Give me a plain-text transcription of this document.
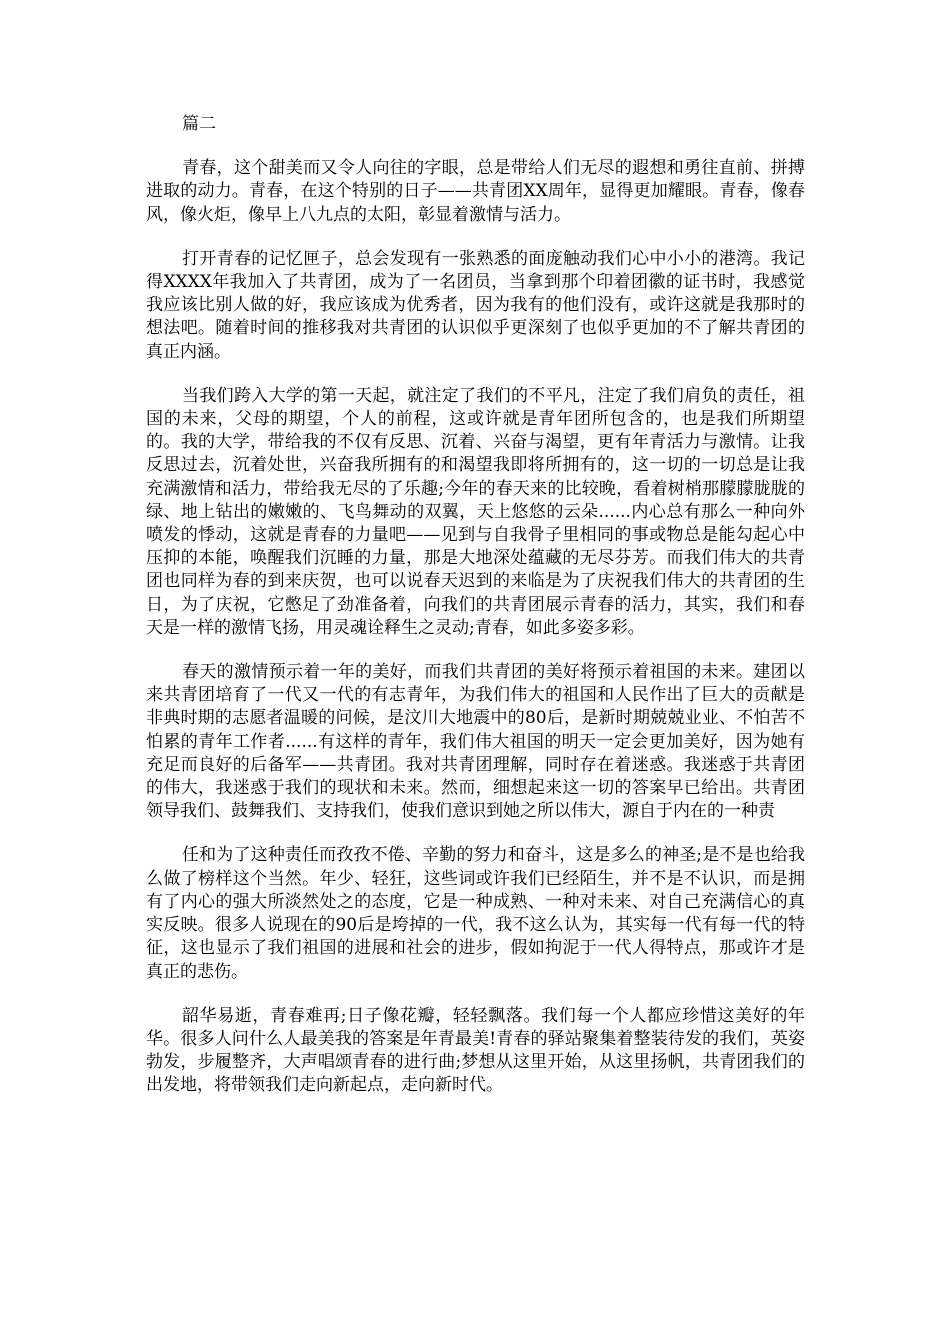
篇二

青春，这个甜美而又令人向往的字眼，总是带给人们无尽的遐想和勇往直前、拼搏进取的动力。青春，在这个特别的日子——共青团XX周年，显得更加耀眼。青春，像春风，像火炬，像早上八九点的太阳，彰显着激情与活力。

打开青春的记忆匣子，总会发现有一张熟悉的面庞触动我们心中小小的港湾。我记得XXXX年我加入了共青团，成为了一名团员，当拿到那个印着团徽的证书时，我感觉我应该比别人做的好，我应该成为优秀者，因为我有的他们没有，或许这就是我那时的想法吧。随着时间的推移我对共青团的认识似乎更深刻了也似乎更加的不了解共青团的真正内涵。

当我们跨入大学的第一天起，就注定了我们的不平凡，注定了我们肩负的责任，祖国的未来，父母的期望，个人的前程，这或许就是青年团所包含的，也是我们所期望的。我的大学，带给我的不仅有反思、沉着、兴奋与渴望，更有年青活力与激情。让我反思过去，沉着处世，兴奋我所拥有的和渴望我即将所拥有的，这一切的一切总是让我充满激情和活力，带给我无尽的了乐趣;今年的春天来的比较晚，看着树梢那朦朦胧胧的绿、地上钻出的嫩嫩的、飞鸟舞动的双翼，天上悠悠的云朵......内心总有那么一种向外喷发的悸动，这就是青春的力量吧——见到与自我骨子里相同的事或物总是能勾起心中压抑的本能，唤醒我们沉睡的力量，那是大地深处蕴藏的无尽芬芳。而我们伟大的共青团也同样为春的到来庆贺，也可以说春天迟到的来临是为了庆祝我们伟大的共青团的生日，为了庆祝，它憋足了劲准备着，向我们的共青团展示青春的活力，其实，我们和春天是一样的激情飞扬，用灵魂诠释生之灵动;青春，如此多姿多彩。

春天的激情预示着一年的美好，而我们共青团的美好将预示着祖国的未来。建团以来共青团培育了一代又一代的有志青年，为我们伟大的祖国和人民作出了巨大的贡献是非典时期的志愿者温暖的问候，是汶川大地震中的80后，是新时期兢兢业业、不怕苦不怕累的青年工作者......有这样的青年，我们伟大祖国的明天一定会更加美好，因为她有充足而良好的后备军——共青团。我对共青团理解，同时存在着迷惑。我迷惑于共青团的伟大，我迷惑于我们的现状和未来。然而，细想起来这一切的答案早已给出。共青团领导我们、鼓舞我们、支持我们，使我们意识到她之所以伟大，源自于内在的一种责

任和为了这种责任而孜孜不倦、辛勤的努力和奋斗，这是多么的神圣;是不是也给我么做了榜样这个当然。年少、轻狂，这些词或许我们已经陌生，并不是不认识，而是拥有了内心的强大所淡然处之的态度，它是一种成熟、一种对未来、对自己充满信心的真实反映。很多人说现在的90后是垮掉的一代，我不这么认为，其实每一代有每一代的特征，这也显示了我们祖国的进展和社会的进步，假如拘泥于一代人得特点，那或许才是真正的悲伤。

韶华易逝，青春难再;日子像花瓣，轻轻飘落。我们每一个人都应珍惜这美好的年华。很多人问什么人最美我的答案是年青最美!青春的驿站聚集着整装待发的我们，英姿勃发，步履整齐，大声唱颂青春的进行曲;梦想从这里开始，从这里扬帆，共青团我们的出发地，将带领我们走向新起点，走向新时代。
